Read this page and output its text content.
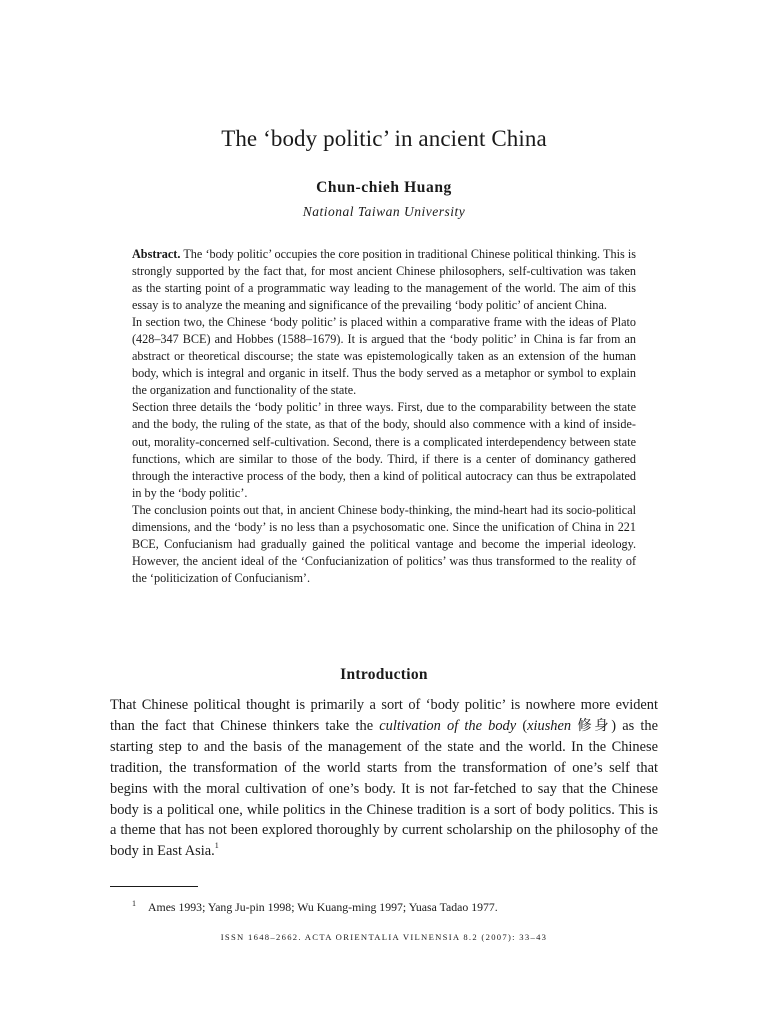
The ‘body politic’ in ancient China
Chun-chieh Huang
National Taiwan University

Abstract. The ‘body politic’ occupies the core position in traditional Chinese political thinking. This is strongly supported by the fact that, for most ancient Chinese philosophers, self-cultivation was taken as the starting point of a programmatic way leading to the management of the world. The aim of this essay is to analyze the meaning and significance of the prevailing ‘body politic’ of ancient China.

In section two, the Chinese ‘body politic’ is placed within a comparative frame with the ideas of Plato (428–347 BCE) and Hobbes (1588–1679). It is argued that the ‘body politic’ in China is far from an abstract or theoretical discourse; the state was epistemologically taken as an extension of the human body, which is integral and organic in itself. Thus the body served as a metaphor or symbol to explain the organization and functionality of the state.

Section three details the ‘body politic’ in three ways. First, due to the comparability between the state and the body, the ruling of the state, as that of the body, should also commence with a kind of inside-out, morality-concerned self-cultivation. Second, there is a complicated interdependency between state functions, which are similar to those of the body. Third, if there is a center of dominancy gathered through the interactive process of the body, then a kind of political autocracy can thus be extrapolated in by the ‘body politic’.

The conclusion points out that, in ancient Chinese body-thinking, the mind-heart had its socio-political dimensions, and the ‘body’ is no less than a psychosomatic one. Since the unification of China in 221 BCE, Confucianism had gradually gained the political vantage and become the imperial ideology. However, the ancient ideal of the ‘Confucianization of politics’ was thus transformed to the reality of the ‘politicization of Confucianism’.

Introduction

That Chinese political thought is primarily a sort of ‘body politic’ is nowhere more evident than the fact that Chinese thinkers take the cultivation of the body (xiushen 修身) as the starting step to and the basis of the management of the state and the world. In the Chinese tradition, the transformation of the world starts from the transformation of one’s self that begins with the moral cultivation of one’s body. It is not far-fetched to say that the Chinese body is a political one, while politics in the Chinese tradition is a sort of body politics. This is a theme that has not been explored thoroughly by current scholarship on the philosophy of the body in East Asia.$^1$

$^1$ Ames 1993; Yang Ju-pin 1998; Wu Kuang-ming 1997; Yuasa Tadao 1977.
ISSN 1648–2662. ACTA ORIENTALIA VILNENSIA 8.2 (2007): 33–43
